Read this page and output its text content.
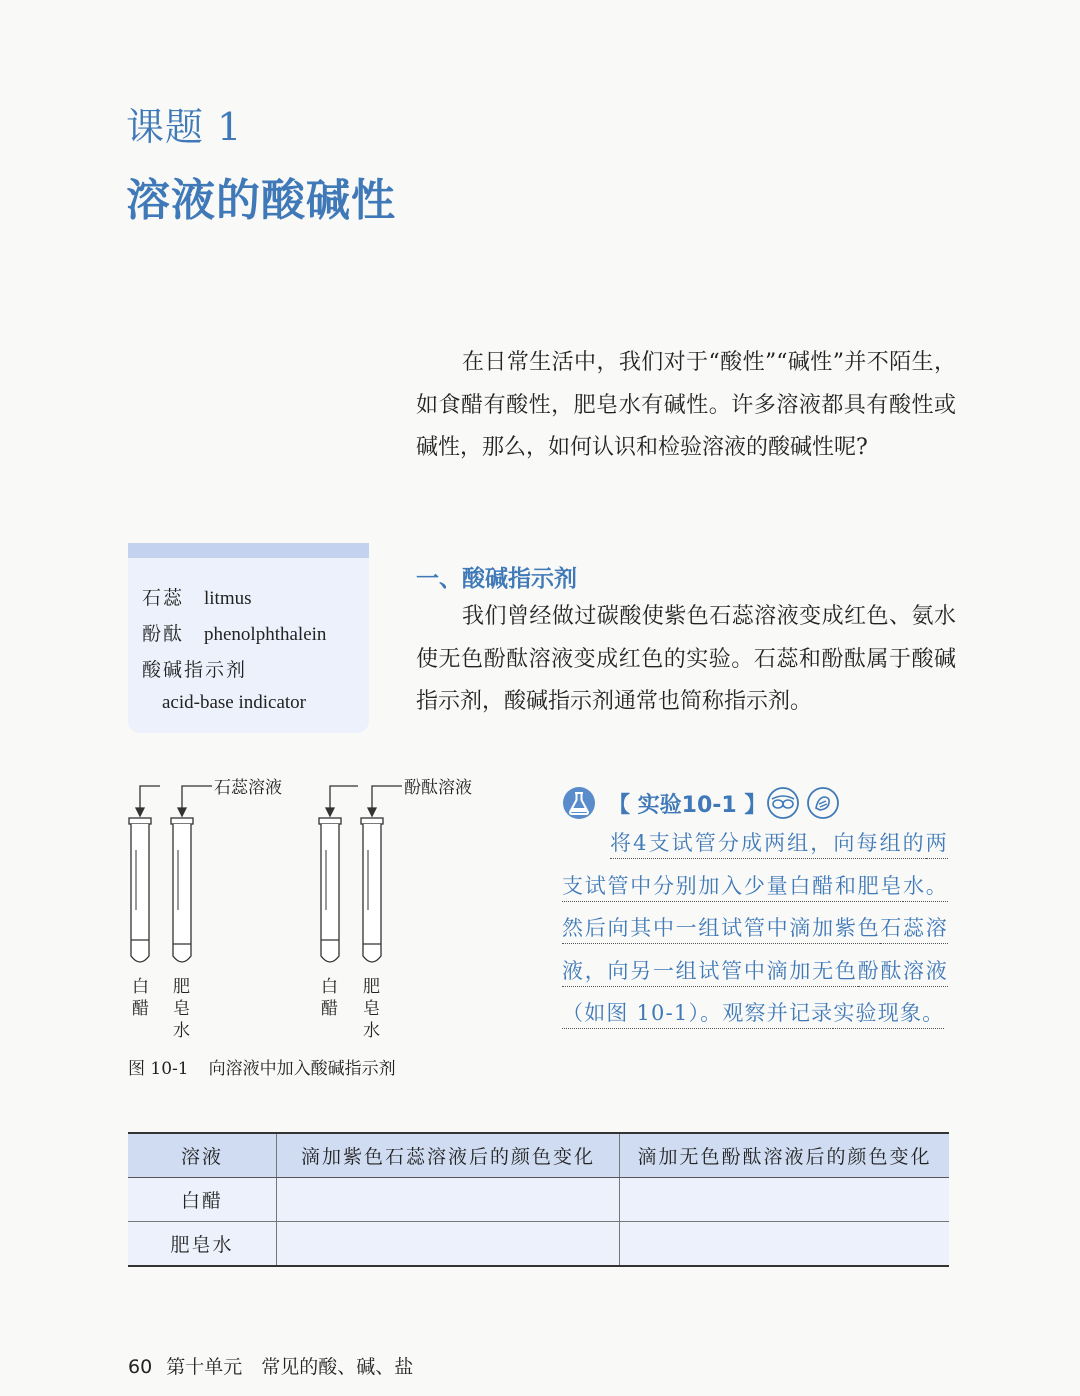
课题 1
溶液的酸碱性
在日常生活中，我们对于“酸性”“碱性”并不陌生，如食醋有酸性，肥皂水有碱性。许多溶液都具有酸性或碱性，那么，如何认识和检验溶液的酸碱性呢?
石蕊 litmus
酚酞 phenolphthalein
酸碱指示剂
acid-base indicator
一、酸碱指示剂
我们曾经做过碳酸使紫色石蕊溶液变成红色、氨水使无色酚酞溶液变成红色的实验。石蕊和酚酞属于酸碱指示剂，酸碱指示剂通常也简称指示剂。
石蕊溶液	酚酞溶液
白
醋
肥
皂
水
白
醋
肥
皂
水
图 10-1 向溶液中加入酸碱指示剂
【 实验10-1 】
将4支试管分成两组，向每组的两支试管中分别加入少量白醋和肥皂水。然后向其中一组试管中滴加紫色石蕊溶液，向另一组试管中滴加无色酚酞溶液（如图 10-1）。观察并记录实验现象。
溶液	滴加紫色石蕊溶液后的颜色变化	滴加无色酚酞溶液后的颜色变化
白醋		
肥皂水		
60 第十单元　常见的酸、碱、盐
